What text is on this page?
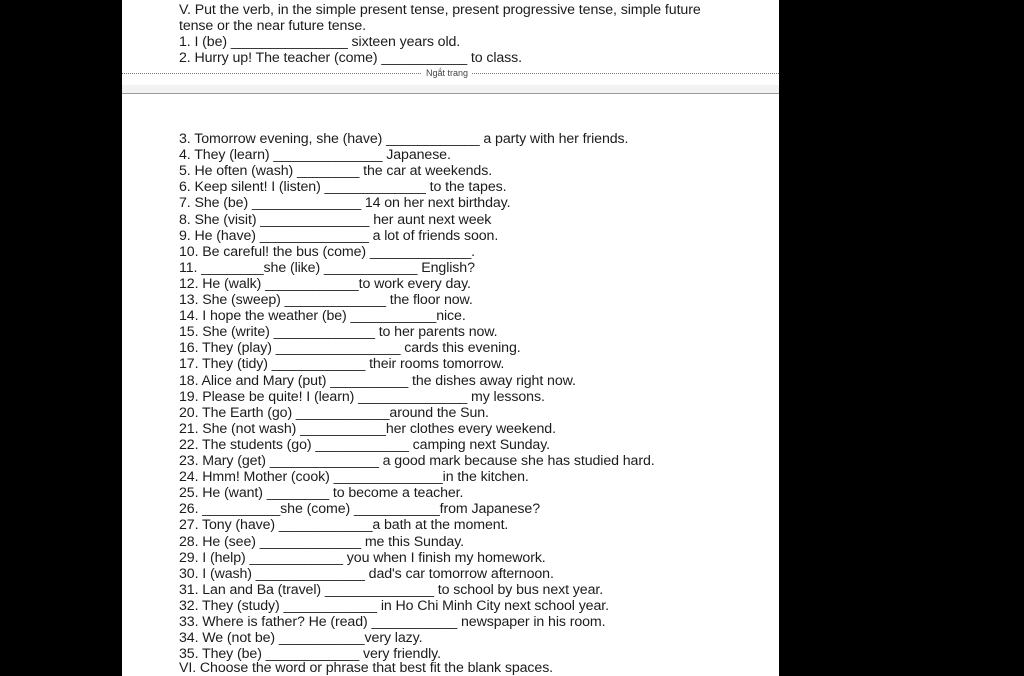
V. Put the verb, in the simple present tense, present progressive tense, simple future
tense or the near future tense.
1. I (be) _______________ sixteen years old.
2. Hurry up! The teacher (come) ___________ to class.
Ngắt trang
3. Tomorrow evening, she (have) ____________ a party with her friends.
4. They (learn) ______________ Japanese.
5. He often (wash) ________ the car at weekends.
6. Keep silent! I (listen) _____________ to the tapes.
7. She (be) ______________ 14 on her next birthday.
8. She (visit) ______________ her aunt next week
9. He (have) ______________ a lot of friends soon.
10. Be careful! the bus (come) _____________.
11. ________she (like) ____________ English?
12. He (walk) ____________to work every day.
13. She (sweep) _____________ the floor now.
14. I hope the weather (be) ___________nice.
15. She (write) _____________ to her parents now.
16. They (play) ________________ cards this evening.
17. They (tidy) ____________ their rooms tomorrow.
18. Alice and Mary (put) __________ the dishes away right now.
19. Please be quite! I (learn) ______________ my lessons.
20. The Earth (go) ____________around the Sun.
21. She (not wash) ___________her clothes every weekend.
22. The students (go) ____________ camping next Sunday.
23. Mary (get) ______________ a good mark because she has studied hard.
24. Hmm! Mother (cook) ______________in the kitchen.
25. He (want) ________ to become a teacher.
26. __________she (come) ___________from Japanese?
27. Tony (have) ____________a bath at the moment.
28. He (see) _____________ me this Sunday.
29. I (help) ____________ you when I finish my homework.
30. I (wash) ______________ dad's car tomorrow afternoon.
31. Lan and Ba (travel) ______________ to school by bus next year.
32. They (study) ____________ in Ho Chi Minh City next school year.
33. Where is father? He (read) ___________ newspaper in his room.
34. We (not be) ___________very lazy.
35. They (be) ____________ very friendly.
VI. Choose the word or phrase that best fit the blank spaces.
